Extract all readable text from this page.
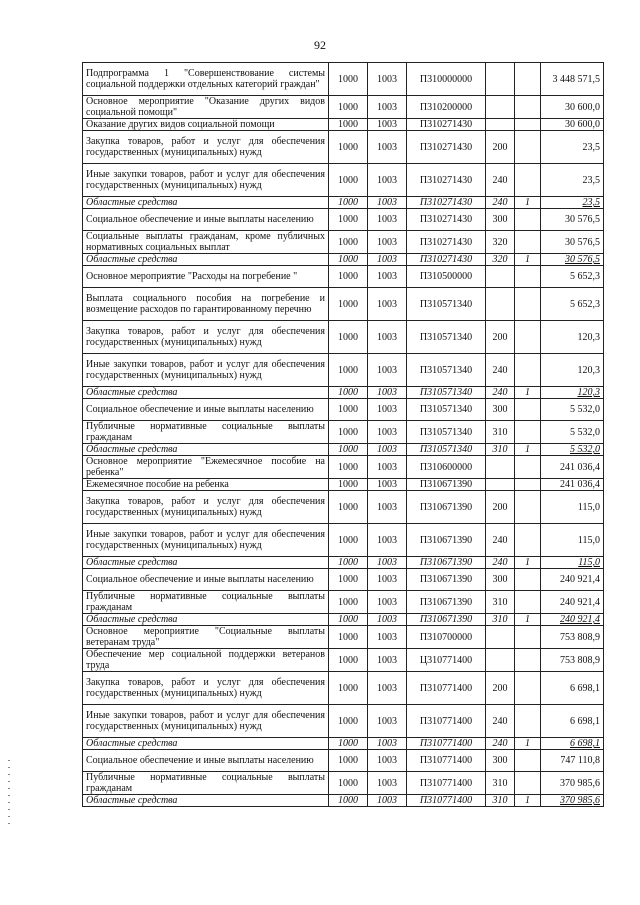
92
Подпрограмма 1 "Совершенствование системы социальной поддержки отдельных категорий граждан"	1000	1003	П310000000			3 448 571,5
Основное мероприятие "Оказание других видов социальной помощи"	1000	1003	П310200000			30 600,0
Оказание других видов социальной помощи	1000	1003	П310271430			30 600,0
Закупка товаров, работ и услуг для обеспечения государственных (муниципальных) нужд	1000	1003	П310271430	200		23,5
Иные закупки товаров, работ и услуг для обеспечения государственных (муниципальных) нужд	1000	1003	П310271430	240		23,5
Областные средства	1000	1003	П310271430	240	1	23,5
Социальное обеспечение и иные выплаты населению	1000	1003	П310271430	300		30 576,5
Социальные выплаты гражданам, кроме публичных нормативных социальных выплат	1000	1003	П310271430	320		30 576,5
Областные средства	1000	1003	П310271430	320	1	30 576,5
Основное мероприятие "Расходы на погребение "	1000	1003	П310500000			5 652,3
Выплата социального пособия на погребение и возмещение расходов по гарантированному перечню	1000	1003	П310571340			5 652,3
Закупка товаров, работ и услуг для обеспечения государственных (муниципальных) нужд	1000	1003	П310571340	200		120,3
Иные закупки товаров, работ и услуг для обеспечения государственных (муниципальных) нужд	1000	1003	П310571340	240		120,3
Областные средства	1000	1003	П310571340	240	1	120,3
Социальное обеспечение и иные выплаты населению	1000	1003	П310571340	300		5 532,0
Публичные нормативные социальные выплаты гражданам	1000	1003	П310571340	310		5 532,0
Областные средства	1000	1003	П310571340	310	1	5 532,0
Основное мероприятие "Ежемесячное пособие на ребенка"	1000	1003	П310600000			241 036,4
Ежемесячное пособие на ребенка	1000	1003	П310671390			241 036,4
Закупка товаров, работ и услуг для обеспечения государственных (муниципальных) нужд	1000	1003	П310671390	200		115,0
Иные закупки товаров, работ и услуг для обеспечения государственных (муниципальных) нужд	1000	1003	П310671390	240		115,0
Областные средства	1000	1003	П310671390	240	1	115,0
Социальное обеспечение и иные выплаты населению	1000	1003	П310671390	300		240 921,4
Публичные нормативные социальные выплаты гражданам	1000	1003	П310671390	310		240 921,4
Областные средства	1000	1003	П310671390	310	1	240 921,4
Основное мероприятие "Социальные выплаты ветеранам труда"	1000	1003	П310700000			753 808,9
Обеспечение мер социальной поддержки ветеранов труда	1000	1003	Ц310771400			753 808,9
Закупка товаров, работ и услуг для обеспечения государственных (муниципальных) нужд	1000	1003	П310771400	200		6 698,1
Иные закупки товаров, работ и услуг для обеспечения государственных (муниципальных) нужд	1000	1003	П310771400	240		6 698,1
Областные средства	1000	1003	П310771400	240	1	6 698,1
Социальное обеспечение и иные выплаты населению	1000	1003	П310771400	300		747 110,8
Публичные нормативные социальные выплаты гражданам	1000	1003	П310771400	310		370 985,6
Областные средства	1000	1003	П310771400	310	1	370 985,6
